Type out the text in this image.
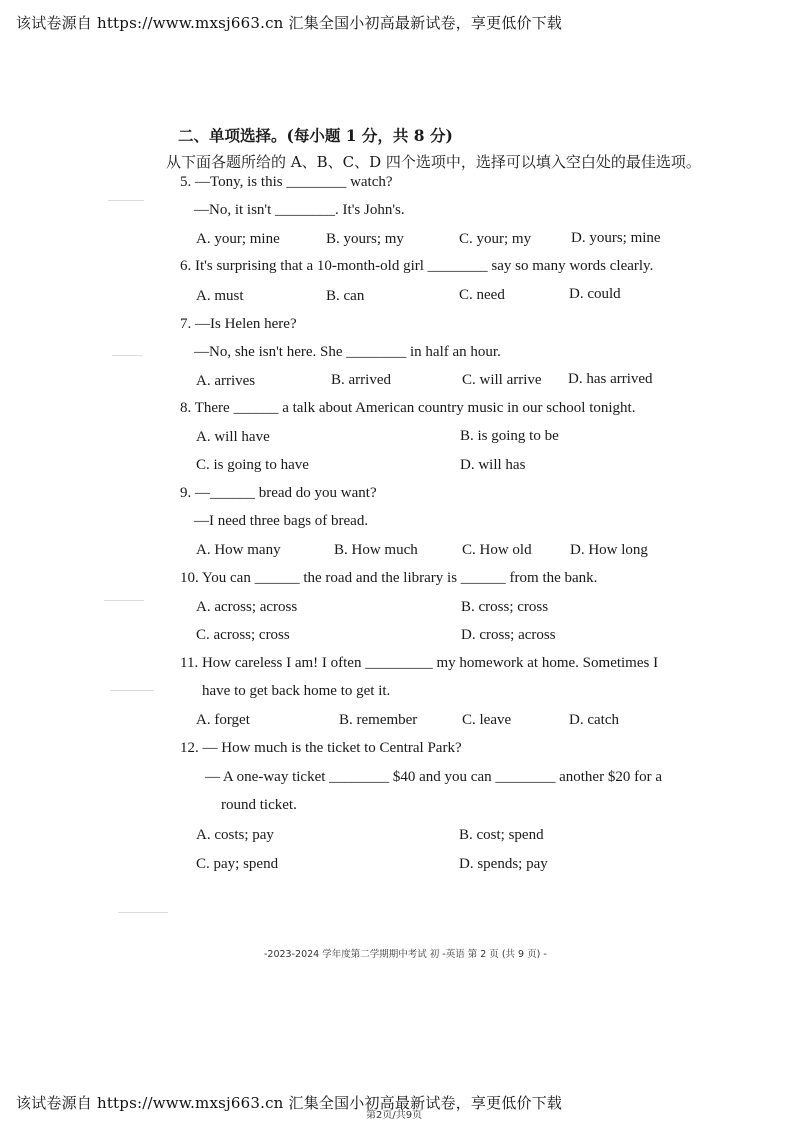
该试卷源自 https://www.mxsj663.cn 汇集全国小初高最新试卷，享更低价下载
二、单项选择。(每小题 1 分，共 8 分)
从下面各题所给的 A、B、C、D 四个选项中，选择可以填入空白处的最佳选项。
5. —Tony, is this ________ watch?
—No, it isn't ________. It's John's.
A. your; mine	B. yours; my	C. your; my	D. yours; mine
6. It's surprising that a 10-month-old girl ________ say so many words clearly.
A. must	B. can	C. need	D. could
7. —Is Helen here?
—No, she isn't here. She ________ in half an hour.
A. arrives	B. arrived	C. will arrive D. has arrived
8. There ______ a talk about American country music in our school tonight.
A. will have	B. is going to be
C. is going to have	D. will has
9. —______ bread do you want?
—I need three bags of bread.
A. How many	B. How much	C. How old	D. How long
10. You can ______ the road and the library is ______ from the bank.
A. across; across	B. cross; cross
C. across; cross	D. cross; across
11. How careless I am! I often _________ my homework at home. Sometimes I
have to get back home to get it.
A. forget	B. remember	C. leave	D. catch
12. — How much is the ticket to Central Park?
— A one-way ticket ________ $40 and you can ________ another $20 for a
round ticket.
A. costs; pay	B. cost; spend
C. pay; spend	D. spends; pay
-2023-2024 学年度第二学期期中考试 初 -英语 第 2 页 (共 9 页) -
该试卷源自 https://www.mxsj663.cn 汇集全国小初高最新试卷，享更低价下载
第2页/共9页
